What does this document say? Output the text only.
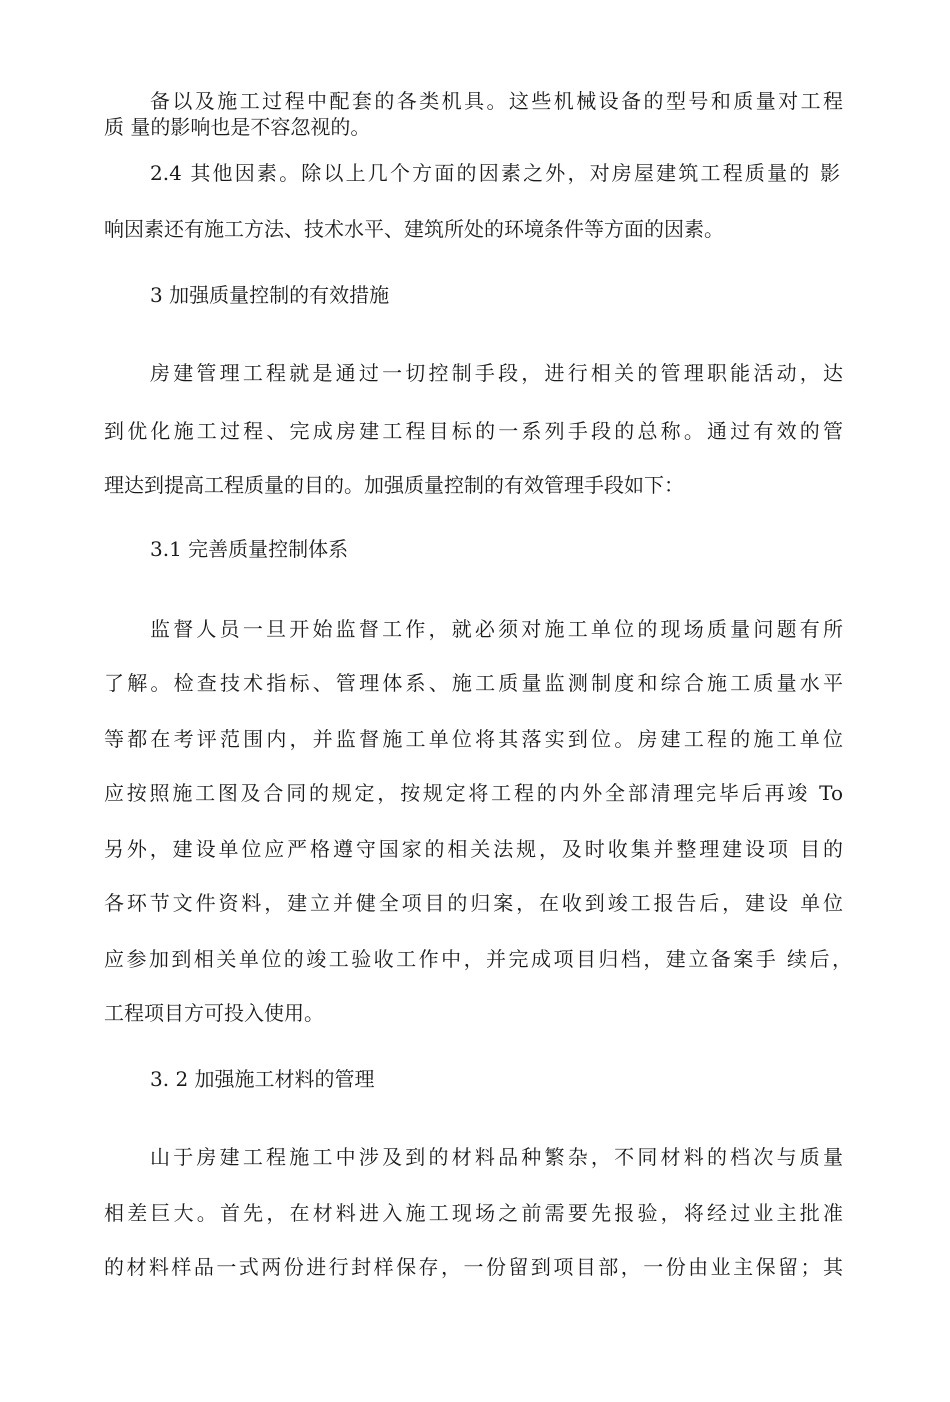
备以及施工过程中配套的各类机具。这些机械设备的型号和质量对工程
质 量的影响也是不容忽视的。
2.4 其他因素。除以上几个方面的因素之外，对房屋建筑工程质量的 影
响因素还有施工方法、技术水平、建筑所处的环境条件等方面的因素。
3 加强质量控制的有效措施
房建管理工程就是通过一切控制手段，进行相关的管理职能活动，达
到优化施工过程、完成房建工程目标的一系列手段的总称。通过有效的管
理达到提高工程质量的目的。加强质量控制的有效管理手段如下：
3.1 完善质量控制体系
监督人员一旦开始监督工作，就必须对施工单位的现场质量问题有所
了解。检查技术指标、管理体系、施工质量监测制度和综合施工质量水平
等都在考评范围内，并监督施工单位将其落实到位。房建工程的施工单位
应按照施工图及合同的规定，按规定将工程的内外全部清理完毕后再竣 To
另外，建设单位应严格遵守国家的相关法规，及时收集并整理建设项 目的
各环节文件资料，建立并健全项目的归案，在收到竣工报告后，建设 单位
应参加到相关单位的竣工验收工作中，并完成项目归档，建立备案手 续后，
工程项目方可投入使用。
3. 2 加强施工材料的管理
山于房建工程施工中涉及到的材料品种繁杂，不同材料的档次与质量
相差巨大。首先，在材料进入施工现场之前需要先报验，将经过业主批准
的材料样品一式两份进行封样保存，一份留到项目部，一份由业主保留；其
